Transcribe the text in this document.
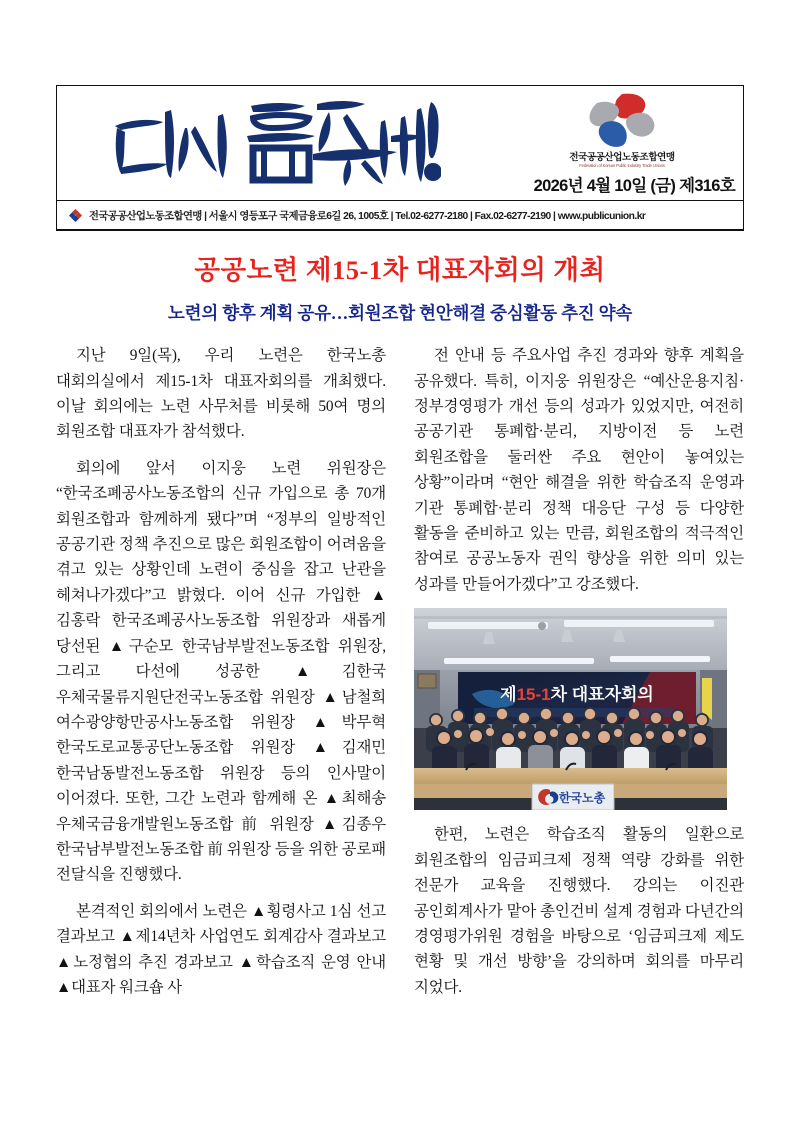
전국공공산업노동조합연맹
Federation of Korean Public Industry Trade Unions
2026년 4월 10일 (금) 제316호
전국공공산업노동조합연맹 | 서울시 영등포구 국제금융로6길 26, 1005호 | Tel.02-6277-2180 | Fax.02-6277-2190 | www.publicunion.kr
공공노련 제15-1차 대표자회의 개최
노련의 향후 계획 공유…회원조합 현안해결 중심활동 추진 약속

지난 9일(목), 우리 노련은 한국노총 대회의실에서 제15-1차 대표자회의를 개최했다. 이날 회의에는 노련 사무처를 비롯해 50여 명의 회원조합 대표자가 참석했다.

회의에 앞서 이지웅 노련 위원장은 “한국조폐공사노동조합의 신규 가입으로 총 70개 회원조합과 함께하게 됐다”며 “정부의 일방적인 공공기관 정책 추진으로 많은 회원조합이 어려움을 겪고 있는 상황인데 노련이 중심을 잡고 난관을 헤쳐나가겠다”고 밝혔다. 이어 신규 가입한 ▲김홍락 한국조폐공사노동조합 위원장과 새롭게 당선된 ▲구순모 한국남부발전노동조합 위원장, 그리고 다선에 성공한 ▲김한국 우체국물류지원단전국노동조합 위원장 ▲남철희 여수광양항만공사노동조합 위원장 ▲박무혁 한국도로교통공단노동조합 위원장 ▲김재민 한국남동발전노동조합 위원장 등의 인사말이 이어졌다. 또한, 그간 노련과 함께해 온 ▲최해송 우체국금융개발원노동조합 前 위원장 ▲김종우 한국남부발전노동조합 前 위원장 등을 위한 공로패 전달식을 진행했다.

본격적인 회의에서 노련은 ▲횡령사고 1심 선고 결과보고 ▲제14년차 사업연도 회계감사 결과보고 ▲노정협의 추진 경과보고 ▲학습조직 운영 안내 ▲대표자 워크숍 사

전 안내 등 주요사업 추진 경과와 향후 계획을 공유했다. 특히, 이지웅 위원장은 “예산운용지침·정부경영평가 개선 등의 성과가 있었지만, 여전히 공공기관 통폐합·분리, 지방이전 등 노련 회원조합을 둘러싼 주요 현안이 놓여있는 상황”이라며 “현안 해결을 위한 학습조직 운영과 기관 통폐합·분리 정책 대응단 구성 등 다양한 활동을 준비하고 있는 만큼, 회원조합의 적극적인 참여로 공공노동자 권익 향상을 위한 의미 있는 성과를 만들어가겠다”고 강조했다.

제15-1차 대표자회의
한국노총

한편, 노련은 학습조직 활동의 일환으로 회원조합의 임금피크제 정책 역량 강화를 위한 전문가 교육을 진행했다. 강의는 이진관 공인회계사가 맡아 총인건비 설계 경험과 다년간의 경영평가위원 경험을 바탕으로 ‘임금피크제 제도 현황 및 개선 방향’을 강의하며 회의를 마무리 지었다.
